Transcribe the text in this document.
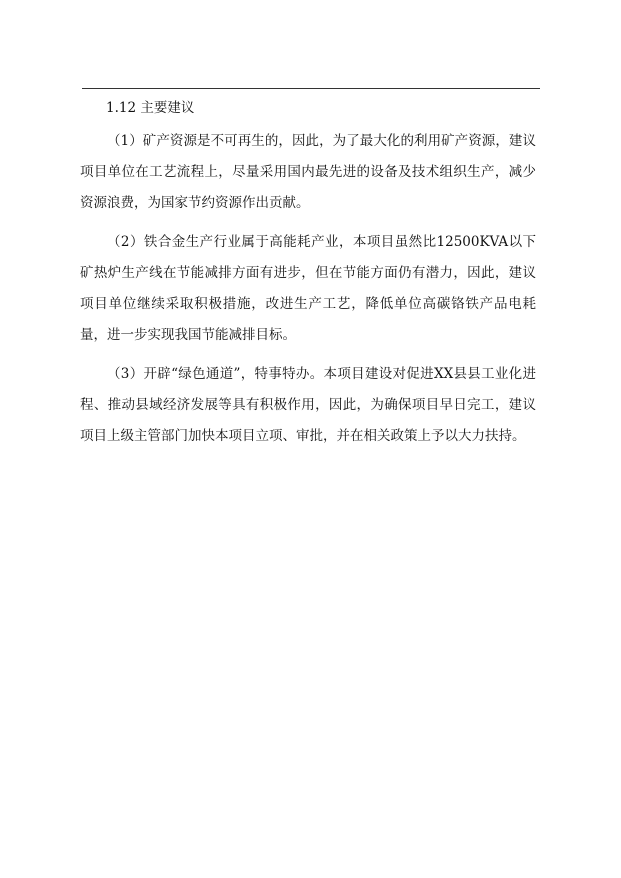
1.12 主要建议

（1）矿产资源是不可再生的，因此，为了最大化的利用矿产资源，建议项目单位在工艺流程上，尽量采用国内最先进的设备及技术组织生产，减少资源浪费，为国家节约资源作出贡献。

（2）铁合金生产行业属于高能耗产业，本项目虽然比12500KVA以下矿热炉生产线在节能减排方面有进步，但在节能方面仍有潜力，因此，建议项目单位继续采取积极措施，改进生产工艺，降低单位高碳铬铁产品电耗量，进一步实现我国节能减排目标。

（3）开辟“绿色通道”，特事特办。本项目建设对促进XX县县工业化进程、推动县域经济发展等具有积极作用，因此，为确保项目早日完工，建议项目上级主管部门加快本项目立项、审批，并在相关政策上予以大力扶持。
